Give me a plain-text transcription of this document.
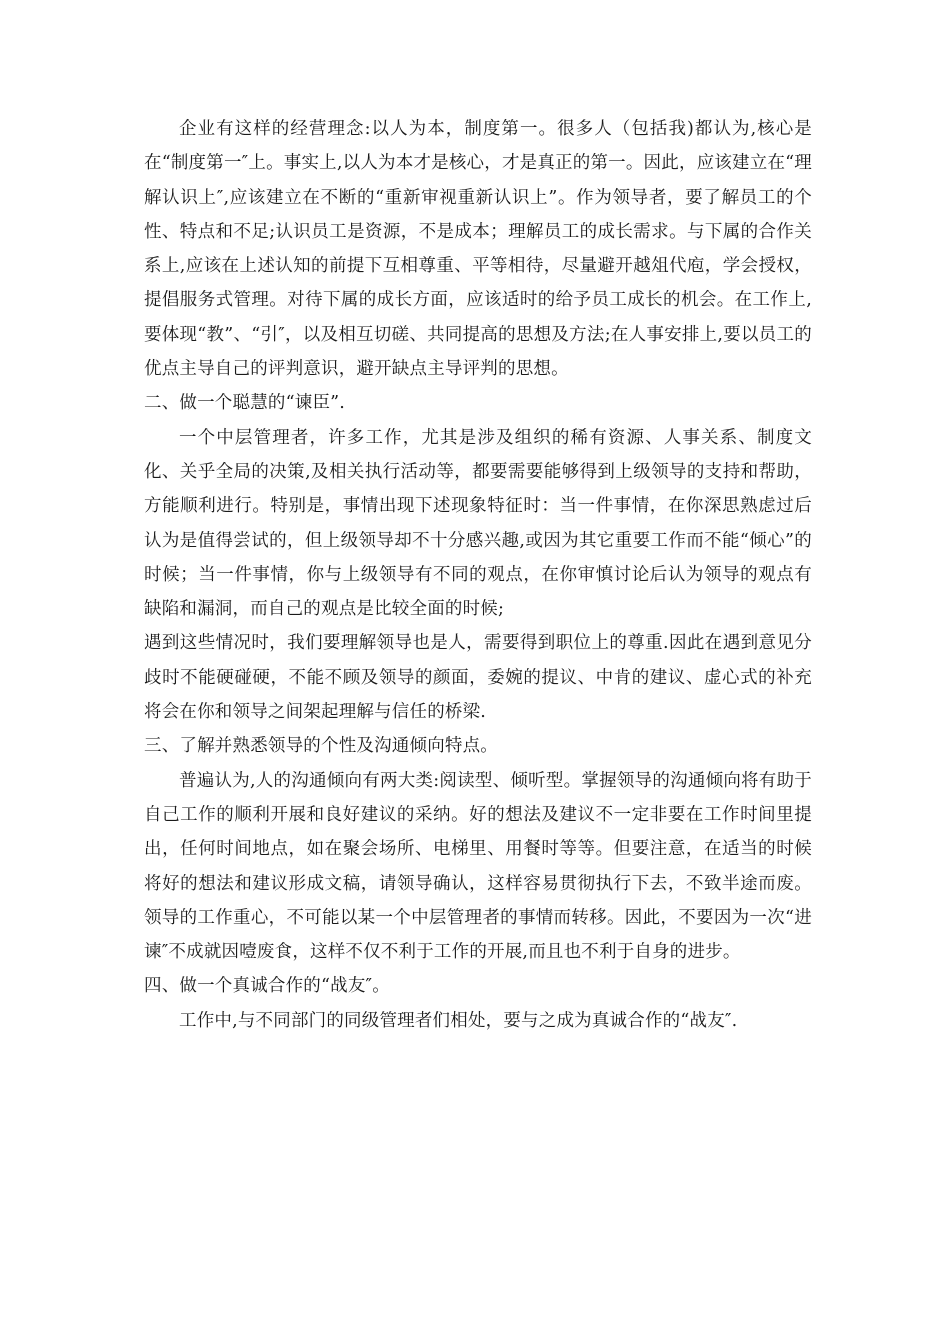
企业有这样的经营理念:以人为本，制度第一。很多人（包括我)都认为,核心是在“制度第一″上。事实上,以人为本才是核心，才是真正的第一。因此，应该建立在“理解认识上″,应该建立在不断的“重新审视重新认识上”。作为领导者，要了解员工的个性、特点和不足;认识员工是资源，不是成本；理解员工的成长需求。与下属的合作关系上,应该在上述认知的前提下互相尊重、平等相待，尽量避开越俎代庖，学会授权，提倡服务式管理。对待下属的成长方面，应该适时的给予员工成长的机会。在工作上,要体现“教”、“引″，以及相互切磋、共同提高的思想及方法;在人事安排上,要以员工的优点主导自己的评判意识，避开缺点主导评判的思想。

二、做一个聪慧的“谏臣”.

一个中层管理者，许多工作，尤其是涉及组织的稀有资源、人事关系、制度文化、关乎全局的决策,及相关执行活动等，都要需要能够得到上级领导的支持和帮助，方能顺利进行。特别是，事情出现下述现象特征时：当一件事情，在你深思熟虑过后认为是值得尝试的，但上级领导却不十分感兴趣,或因为其它重要工作而不能“倾心”的时候；当一件事情，你与上级领导有不同的观点，在你审慎讨论后认为领导的观点有缺陷和漏洞，而自己的观点是比较全面的时候;

遇到这些情况时，我们要理解领导也是人，需要得到职位上的尊重.因此在遇到意见分歧时不能硬碰硬，不能不顾及领导的颜面，委婉的提议、中肯的建议、虚心式的补充将会在你和领导之间架起理解与信任的桥梁.

三、了解并熟悉领导的个性及沟通倾向特点。

普遍认为,人的沟通倾向有两大类:阅读型、倾听型。掌握领导的沟通倾向将有助于自己工作的顺利开展和良好建议的采纳。好的想法及建议不一定非要在工作时间里提出，任何时间地点，如在聚会场所、电梯里、用餐时等等。但要注意，在适当的时候将好的想法和建议形成文稿，请领导确认，这样容易贯彻执行下去，不致半途而废。领导的工作重心，不可能以某一个中层管理者的事情而转移。因此，不要因为一次“进谏″不成就因噎废食，这样不仅不利于工作的开展,而且也不利于自身的进步。

四、做一个真诚合作的“战友″。

工作中,与不同部门的同级管理者们相处，要与之成为真诚合作的“战友″.
